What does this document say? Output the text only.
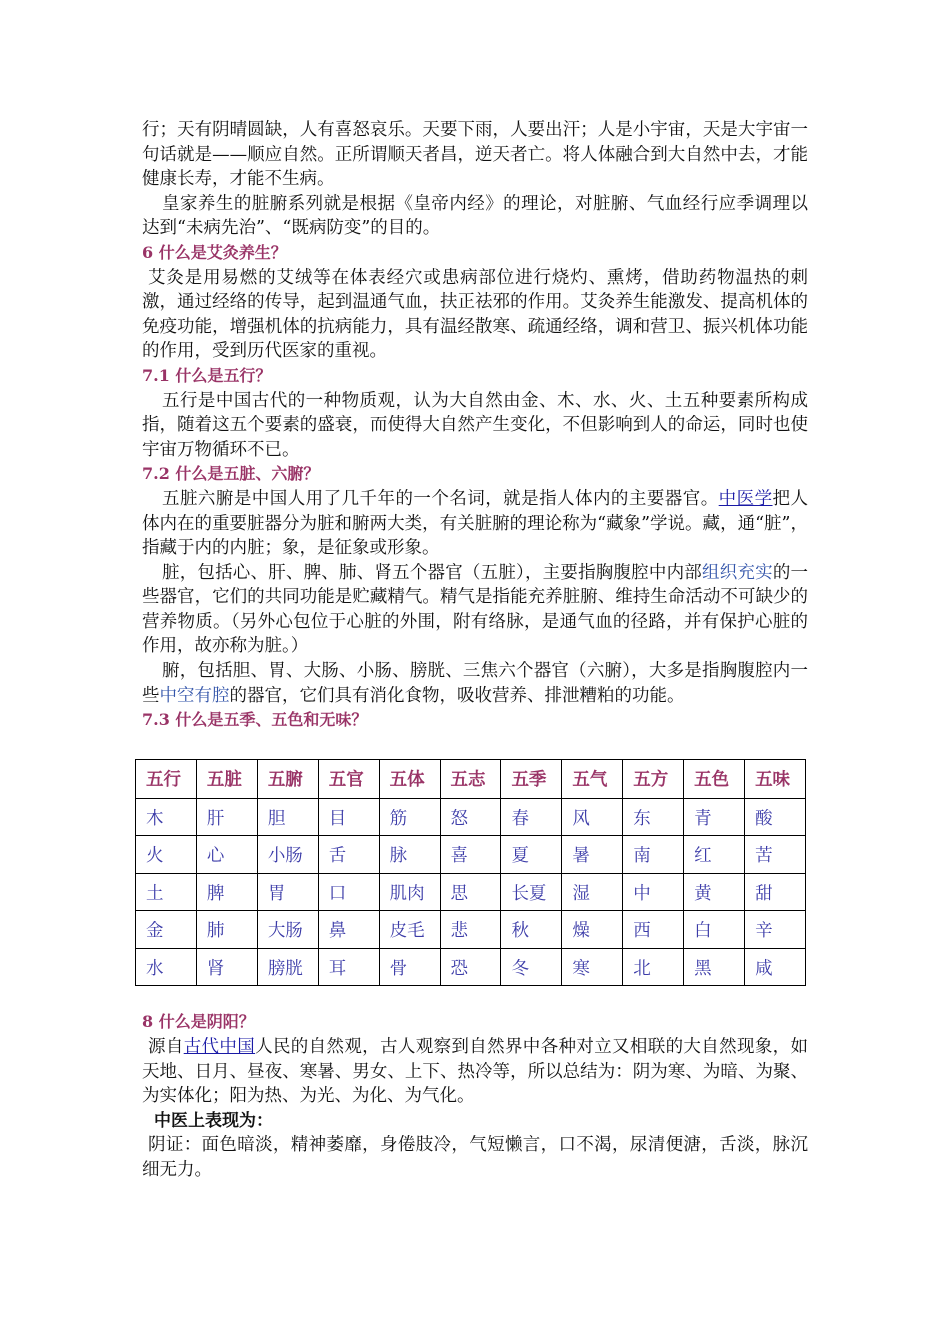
行；天有阴晴圆缺，人有喜怒哀乐。天要下雨，人要出汗；人是小宇宙，天是大宇宙一句话就是——顺应自然。正所谓顺天者昌，逆天者亡。将人体融合到大自然中去，才能健康长寿，才能不生病。

皇家养生的脏腑系列就是根据《皇帝内经》的理论，对脏腑、气血经行应季调理以达到“未病先治”、“既病防变”的目的。

6 什么是艾灸养生？

艾灸是用易燃的艾绒等在体表经穴或患病部位进行烧灼、熏烤，借助药物温热的刺激，通过经络的传导，起到温通气血，扶正祛邪的作用。艾灸养生能激发、提高机体的免疫功能，增强机体的抗病能力，具有温经散寒、疏通经络，调和营卫、振兴机体功能的作用，受到历代医家的重视。

7.1 什么是五行？

五行是中国古代的一种物质观，认为大自然由金、木、水、火、土五种要素所构成指，随着这五个要素的盛衰，而使得大自然产生变化，不但影响到人的命运，同时也使宇宙万物循环不已。

7.2 什么是五脏、六腑？

五脏六腑是中国人用了几千年的一个名词，就是指人体内的主要器官。中医学把人体内在的重要脏器分为脏和腑两大类，有关脏腑的理论称为“藏象”学说。藏，通“脏”，指藏于内的内脏；象，是征象或形象。

脏，包括心、肝、脾、肺、肾五个器官（五脏），主要指胸腹腔中内部组织充实的一些器官，它们的共同功能是贮藏精气。精气是指能充养脏腑、维持生命活动不可缺少的营养物质。（另外心包位于心脏的外围，附有络脉，是通气血的径路，并有保护心脏的作用，故亦称为脏。）

腑，包括胆、胃、大肠、小肠、膀胱、三焦六个器官（六腑），大多是指胸腹腔内一些中空有腔的器官，它们具有消化食物，吸收营养、排泄糟粕的功能。

7.3 什么是五季、五色和无味？
五行	五脏	五腑	五官	五体	五志	五季	五气	五方	五色	五味
木	肝	胆	目	筋	怒	春	风	东	青	酸
火	心	小肠	舌	脉	喜	夏	暑	南	红	苦
土	脾	胃	口	肌肉	思	长夏	湿	中	黄	甜
金	肺	大肠	鼻	皮毛	悲	秋	燥	西	白	辛
水	肾	膀胱	耳	骨	恐	冬	寒	北	黑	咸
8 什么是阴阳？

源自古代中国人民的自然观，古人观察到自然界中各种对立又相联的大自然现象，如天地、日月、昼夜、寒暑、男女、上下、热冷等，所以总结为：阴为寒、为暗、为聚、为实体化；阳为热、为光、为化、为气化。

中医上表现为：

阴证：面色暗淡，精神萎靡，身倦肢冷，气短懒言，口不渴，尿清便溏，舌淡，脉沉细无力。
